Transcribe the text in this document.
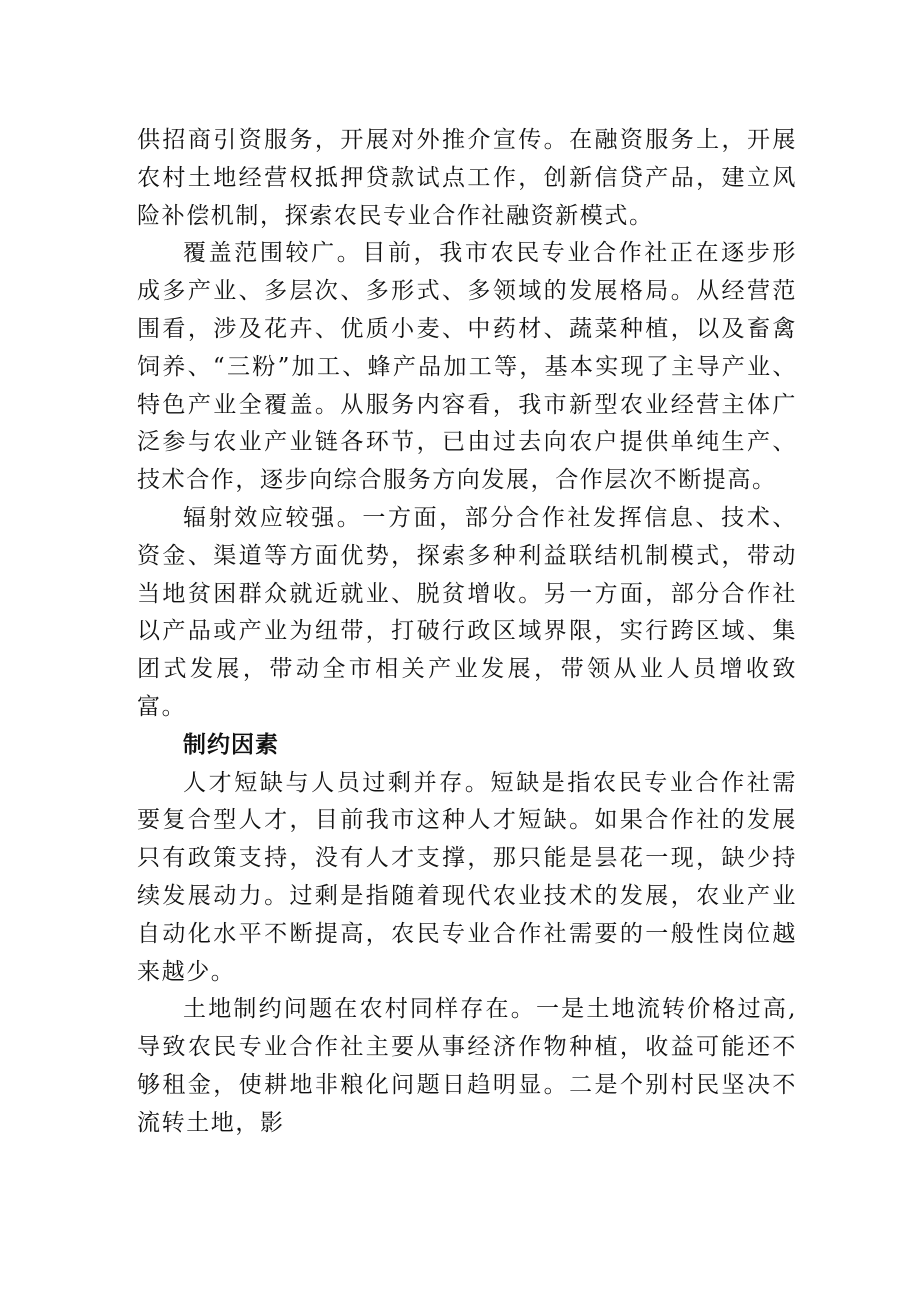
供招商引资服务，开展对外推介宣传。在融资服务上，开展农村土地经营权抵押贷款试点工作，创新信贷产品，建立风险补偿机制，探索农民专业合作社融资新模式。

覆盖范围较广。目前，我市农民专业合作社正在逐步形成多产业、多层次、多形式、多领域的发展格局。从经营范围看，涉及花卉、优质小麦、中药材、蔬菜种植，以及畜禽饲养、“三粉”加工、蜂产品加工等，基本实现了主导产业、特色产业全覆盖。从服务内容看，我市新型农业经营主体广泛参与农业产业链各环节，已由过去向农户提供单纯生产、技术合作，逐步向综合服务方向发展，合作层次不断提高。

辐射效应较强。一方面，部分合作社发挥信息、技术、资金、渠道等方面优势，探索多种利益联结机制模式，带动当地贫困群众就近就业、脱贫增收。另一方面，部分合作社以产品或产业为纽带，打破行政区域界限，实行跨区域、集团式发展，带动全市相关产业发展，带领从业人员增收致富。

制约因素

人才短缺与人员过剩并存。短缺是指农民专业合作社需要复合型人才，目前我市这种人才短缺。如果合作社的发展只有政策支持，没有人才支撑，那只能是昙花一现，缺少持续发展动力。过剩是指随着现代农业技术的发展，农业产业自动化水平不断提高，农民专业合作社需要的一般性岗位越来越少。

土地制约问题在农村同样存在。一是土地流转价格过高,导致农民专业合作社主要从事经济作物种植，收益可能还不够租金，使耕地非粮化问题日趋明显。二是个别村民坚决不流转土地，影
